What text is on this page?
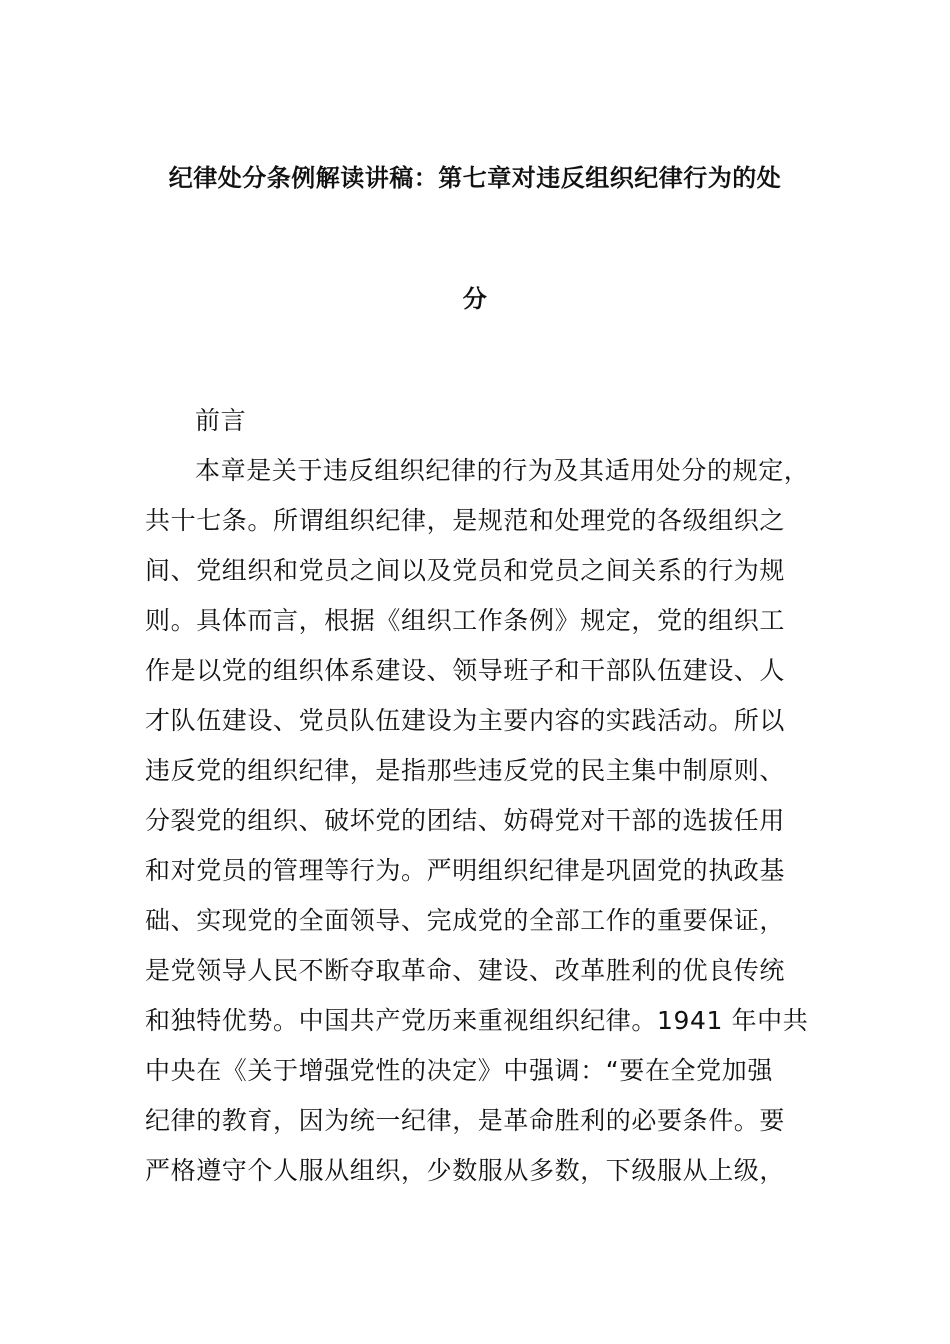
纪律处分条例解读讲稿：第七章对违反组织纪律行为的处
分
前言
本章是关于违反组织纪律的行为及其适用处分的规定，
共十七条。所谓组织纪律，是规范和处理党的各级组织之
间、党组织和党员之间以及党员和党员之间关系的行为规
则。具体而言，根据《组织工作条例》规定，党的组织工
作是以党的组织体系建设、领导班子和干部队伍建设、人
才队伍建设、党员队伍建设为主要内容的实践活动。所以
违反党的组织纪律，是指那些违反党的民主集中制原则、
分裂党的组织、破坏党的团结、妨碍党对干部的选拔任用
和对党员的管理等行为。严明组织纪律是巩固党的执政基
础、实现党的全面领导、完成党的全部工作的重要保证，
是党领导人民不断夺取革命、建设、改革胜利的优良传统
和独特优势。中国共产党历来重视组织纪律。1941 年中共
中央在《关于增强党性的决定》中强调：“要在全党加强
纪律的教育，因为统一纪律，是革命胜利的必要条件。要
严格遵守个人服从组织，少数服从多数，下级服从上级，
